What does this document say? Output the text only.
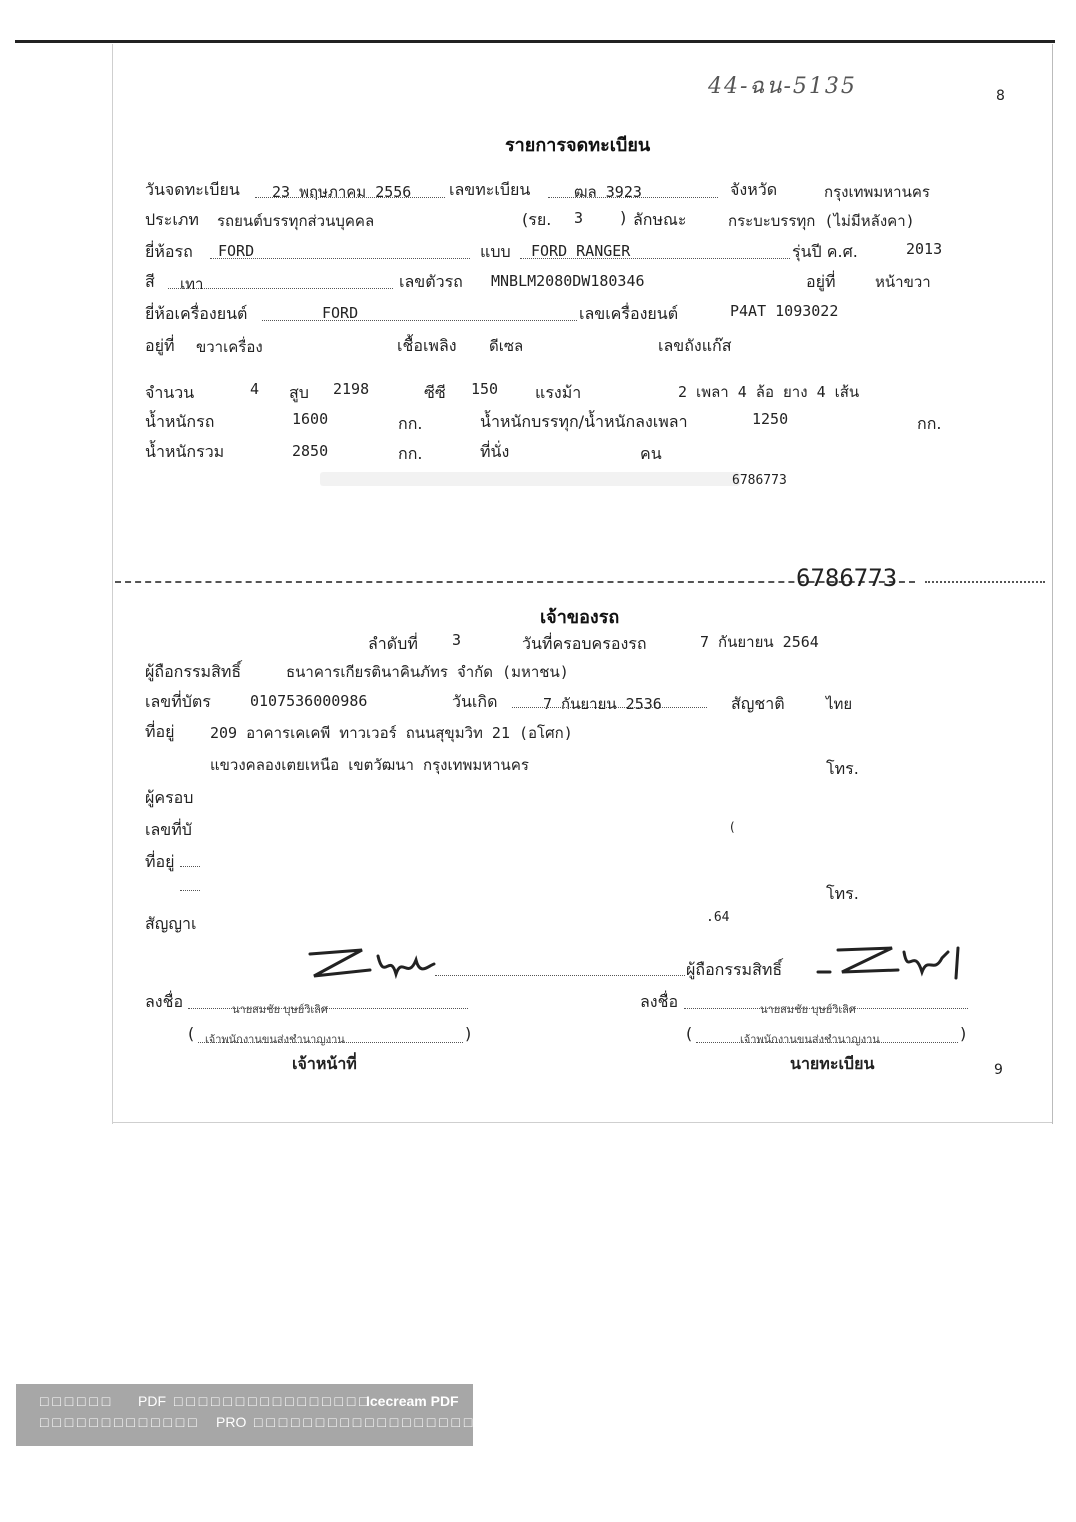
44-ฉน-5135	8
9
รายการจดทะเบียน
วันจดทะเบียน 23 พฤษภาคม 2556 เลขทะเบียน	ฒล 3923	จังหวัด	กรุงเทพมหานคร
ประเภท รถยนต์บรรทุกส่วนบุคคล	(รย. 3 ) ลักษณะ	กระบะบรรทุก (ไม่มีหลังคา)
ยี่ห้อรถ FORD	แบบ FORD RANGER	รุ่นปี ค.ศ.	2013
สี เทา	เลขตัวรถ MNBLM2080DW180346	อยู่ที่	หน้าขวา
ยี่ห้อเครื่องยนต์	FORD	เลขเครื่องยนต์	P4AT 1093022
อยู่ที่ ขวาเครื่อง	เชื้อเพลิง ดีเซล	เลขถังแก๊ส
จำนวน	4 สูบ 2198	ซีซี 150 แรงม้า	2 เพลา 4 ล้อ ยาง 4 เส้น
น้ำหนักรถ	1600	กก.	น้ำหนักบรรทุก/น้ำหนักลงเพลา	1250	กก.
น้ำหนักรวม	2850	กก.	ที่นั่ง	คน
6786773
6786773
เจ้าของรถ
ลำดับที่ 3	วันที่ครอบครองรถ	7 กันยายน 2564
ผู้ถือกรรมสิทธิ์	ธนาคารเกียรตินาคินภัทร จำกัด (มหาชน)
เลขที่บัตร	0107536000986	วันเกิด	7 กันยายน 2536	สัญชาติ	ไทย
ที่อยู่ 209 อาคารเคเคพี ทาวเวอร์ ถนนสุขุมวิท 21 (อโศก)
แขวงคลองเตยเหนือ เขตวัฒนา กรุงเทพมหานคร	โทร.
ผู้ครอบ
เลขที่บั	(
ที่อยู่
โทร.
สัญญาเ	.64
ผู้ถือกรรมสิทธิ์
ลงชื่อ	นายสมชัย บุษย์วิเลิศ	ลงชื่อ	นายสมชัย บุษย์วิเลิศ
( เจ้าพนักงานขนส่งชำนาญงาน	)	(	เจ้าพนักงานขนส่งชำนาญงาน	)
เจ้าหน้าที่	นายทะเบียน
□ □ □ □ □ □ PDF □ □ □ □ □ □ □ □ □ □ □ □ □ □ □ □
Icecream PDF
□ □ □ □ □ □ □ □ □ □ □ □ □ PRO □ □ □ □ □ □ □ □ □ □ □ □ □ □ □ □ □ □
